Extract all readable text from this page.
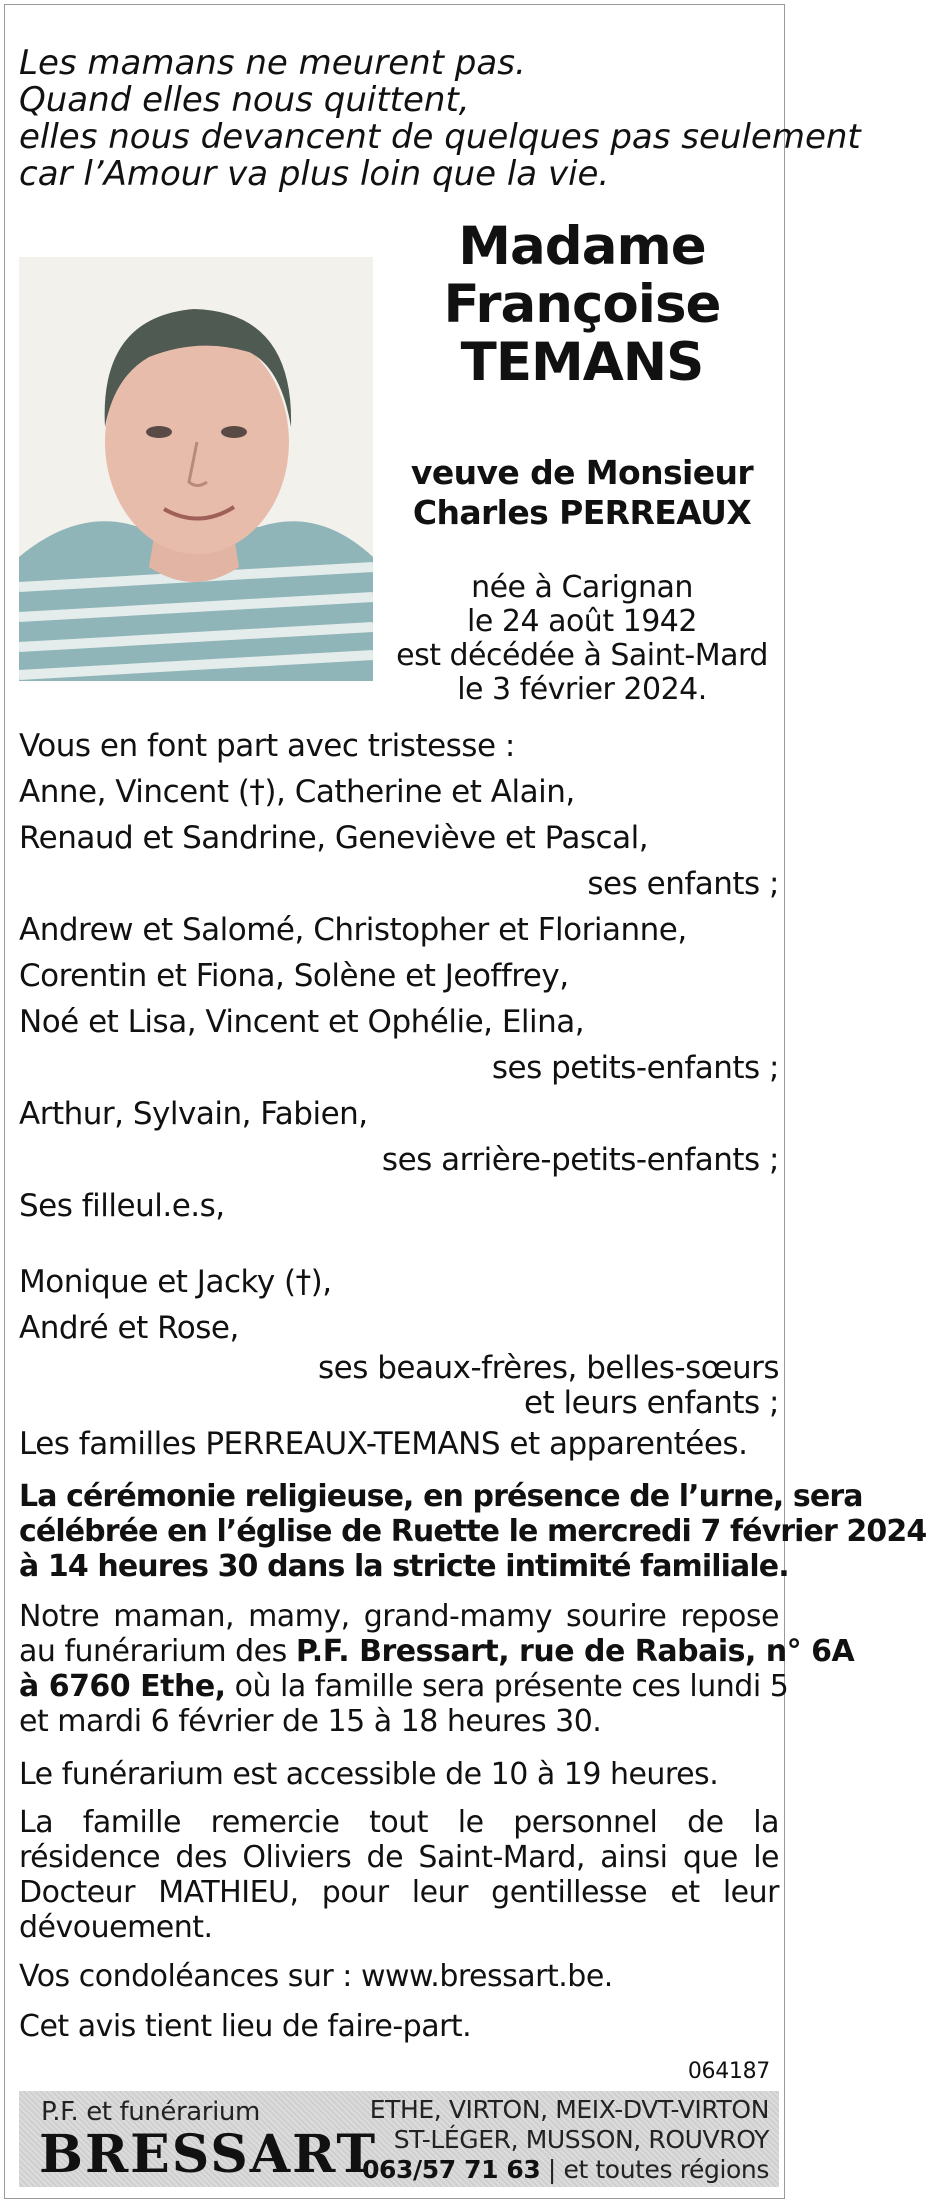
Les mamans ne meurent pas.
Quand elles nous quittent,
elles nous devancent de quelques pas seulement
car l’Amour va plus loin que la vie.
Madame
Françoise
TEMANS
veuve de Monsieur
Charles PERREAUX
née à Carignan
le 24 août 1942
est décédée à Saint-Mard
le 3 février 2024.
Vous en font part avec tristesse :
Anne, Vincent (†), Catherine et Alain,
Renaud et Sandrine, Geneviève et Pascal,
ses enfants ;
Andrew et Salomé, Christopher et Florianne,
Corentin et Fiona, Solène et Jeoffrey,
Noé et Lisa, Vincent et Ophélie, Elina,
ses petits-enfants ;
Arthur, Sylvain, Fabien,
ses arrière-petits-enfants ;
Ses filleul.e.s,
Monique et Jacky (†),
André et Rose,
ses beaux-frères, belles-sœurs
et leurs enfants ;
Les familles PERREAUX-TEMANS et apparentées.
La cérémonie religieuse, en présence de l’urne, sera
célébrée en l’église de Ruette le mercredi 7 février 2024
à 14 heures 30 dans la stricte intimité familiale.
Notre maman, mamy, grand-mamy sourire repose
au funérarium des P.F. Bressart, rue de Rabais, n° 6A
à 6760 Ethe, où la famille sera présente ces lundi 5
et mardi 6 février de 15 à 18 heures 30.
Le funérarium est accessible de 10 à 19 heures.
La famille remercie tout le personnel de la
résidence des Oliviers de Saint-Mard, ainsi que le
Docteur MATHIEU, pour leur gentillesse et leur
dévouement.
Vos condoléances sur : www.bressart.be.
Cet avis tient lieu de faire-part.
064187
P.F. et funérarium
BRESSART
ETHE, VIRTON, MEIX-DVT-VIRTON
ST-LÉGER, MUSSON, ROUVROY
063/57 71 63 | et toutes régions
